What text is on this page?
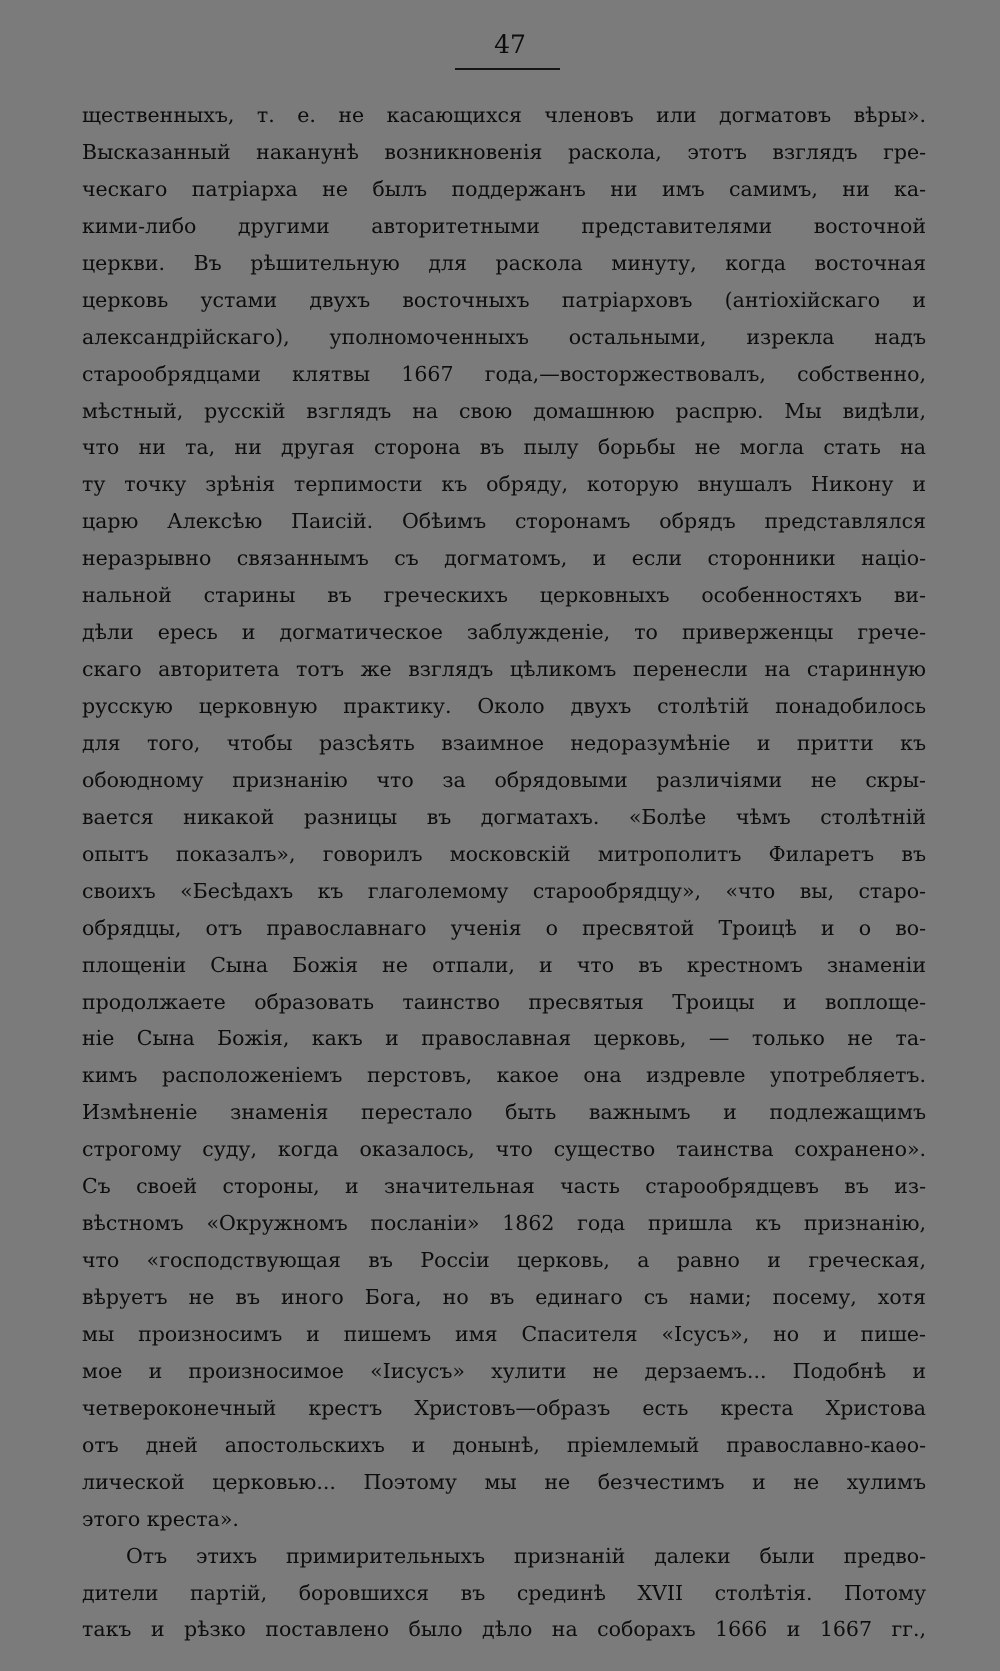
47
щественныхъ, т. е. не касающихся членовъ или догматовъ вѣры».
Высказанный наканунѣ возникновенія раскола, этотъ взглядъ гре-
ческаго патріарха не былъ поддержанъ ни имъ самимъ, ни ка-
кими-либо другими авторитетными представителями восточной
церкви. Въ рѣшительную для раскола минуту, когда восточная
церковь устами двухъ восточныхъ патріарховъ (антіохійскаго и
александрійскаго), уполномоченныхъ остальными, изрекла надъ
старообрядцами клятвы 1667 года,—восторжествовалъ, собственно,
мѣстный, русскій взглядъ на свою домашнюю распрю. Мы видѣли,
что ни та, ни другая сторона въ пылу борьбы не могла стать на
ту точку зрѣнія терпимости къ обряду, которую внушалъ Никону и
царю Алексѣю Паисій. Обѣимъ сторонамъ обрядъ представлялся
неразрывно связаннымъ съ догматомъ, и если сторонники націо-
нальной старины въ греческихъ церковныхъ особенностяхъ ви-
дѣли ересь и догматическое заблужденіе, то приверженцы грече-
скаго авторитета тотъ же взглядъ цѣликомъ перенесли на старинную
русскую церковную практику. Около двухъ столѣтій понадобилось
для того, чтобы разсѣять взаимное недоразумѣніе и притти къ
обоюдному признанію что за обрядовыми различіями не скры-
вается никакой разницы въ догматахъ. «Болѣе чѣмъ столѣтній
опытъ показалъ», говорилъ московскій митрополитъ Филаретъ въ
своихъ «Бесѣдахъ къ глаголемому старообрядцу», «что вы, старо-
обрядцы, отъ православнаго ученія о пресвятой Троицѣ и о во-
площеніи Сына Божія не отпали, и что въ крестномъ знаменіи
продолжаете образовать таинство пресвятыя Троицы и воплоще-
ніе Сына Божія, какъ и православная церковь, — только не та-
кимъ расположеніемъ перстовъ, какое она издревле употребляетъ.
Измѣненіе знаменія перестало быть важнымъ и подлежащимъ
строгому суду, когда оказалось, что существо таинства сохранено».
Съ своей стороны, и значительная часть старообрядцевъ въ из-
вѣстномъ «Окружномъ посланіи» 1862 года пришла къ признанію,
что «господствующая въ Россіи церковь, а равно и греческая,
вѣруетъ не въ иного Бога, но въ единаго съ нами; посему, хотя
мы произносимъ и пишемъ имя Спасителя «Ісусъ», но и пише-
мое и произносимое «Іисусъ» хулити не дерзаемъ... Подобнѣ и
четвероконечный крестъ Христовъ—образъ есть креста Христова
отъ дней апостольскихъ и донынѣ, пріемлемый православно-каѳо-
лической церковью... Поэтому мы не безчестимъ и не хулимъ
этого креста».
Отъ этихъ примирительныхъ признаній далеки были предво-
дители партій, боровшихся въ срединѣ XVII столѣтія. Потому
такъ и рѣзко поставлено было дѣло на соборахъ 1666 и 1667 гг.,
